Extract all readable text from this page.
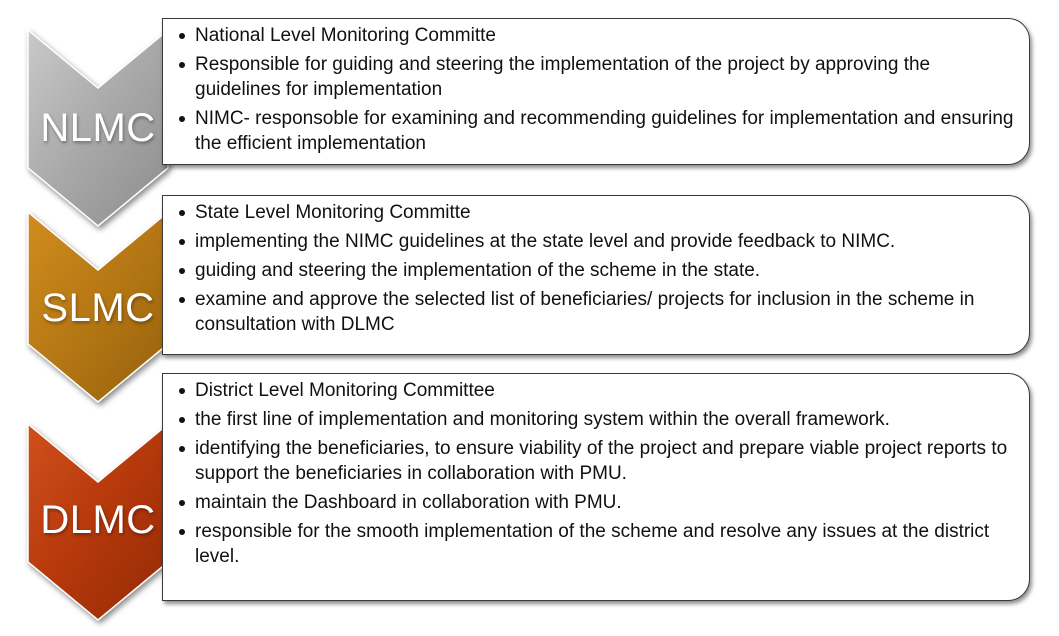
NLMC
National Level Monitoring Committe
Responsible for guiding and steering the implementation of the project by approving the guidelines for implementation
NIMC- responsoble for examining and recommending guidelines for implementation and ensuring the efficient implementation
SLMC
State Level Monitoring Committe
implementing the NIMC guidelines at the state level and provide feedback to NIMC.
guiding and steering the implementation of the scheme in the state.
examine and approve the selected list of beneficiaries/ projects for inclusion in the scheme in consultation with DLMC
DLMC
District Level Monitoring Committee
the first line of implementation and monitoring system within the overall framework.
identifying the beneficiaries, to ensure viability of the project and prepare viable project reports to support the beneficiaries in collaboration with PMU.
maintain the Dashboard in collaboration with PMU.
responsible for the smooth implementation of the scheme and resolve any issues at the district level.
